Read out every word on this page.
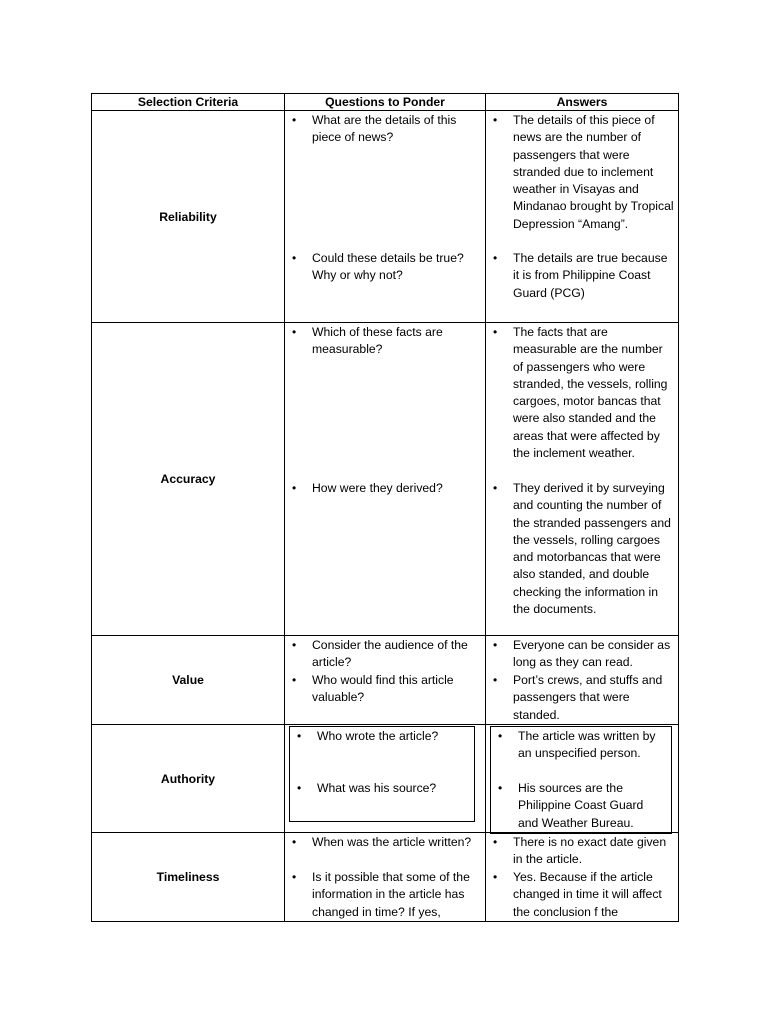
Selection Criteria	Questions to Ponder	Answers
Reliability
• What are the details of this piece of news?
• Could these details be true? Why or why not?
• The details of this piece of news are the number of passengers that were stranded due to inclement weather in Visayas and Mindanao brought by Tropical Depression “Amang”.
• The details are true because it is from Philippine Coast Guard (PCG)
Accuracy
• Which of these facts are measurable?
• How were they derived?
• The facts that are measurable are the number of passengers who were stranded, the vessels, rolling cargoes, motor bancas that were also standed and the areas that were affected by the inclement weather.
• They derived it by surveying and counting the number of the stranded passengers and the vessels, rolling cargoes and motorbancas that were also standed, and double checking the information in the documents.
Value
• Consider the audience of the article?
• Who would find this article valuable?
• Everyone can be consider as long as they can read.
• Port’s crews, and stuffs and passengers that were standed.
Authority
• Who wrote the article?
• What was his source?
• The article was written by an unspecified person.
• His sources are the Philippine Coast Guard and Weather Bureau.
Timeliness
• When was the article written?
• Is it possible that some of the information in the article has changed in time? If yes,
• There is no exact date given in the article.
• Yes. Because if the article changed in time it will affect the conclusion f the
